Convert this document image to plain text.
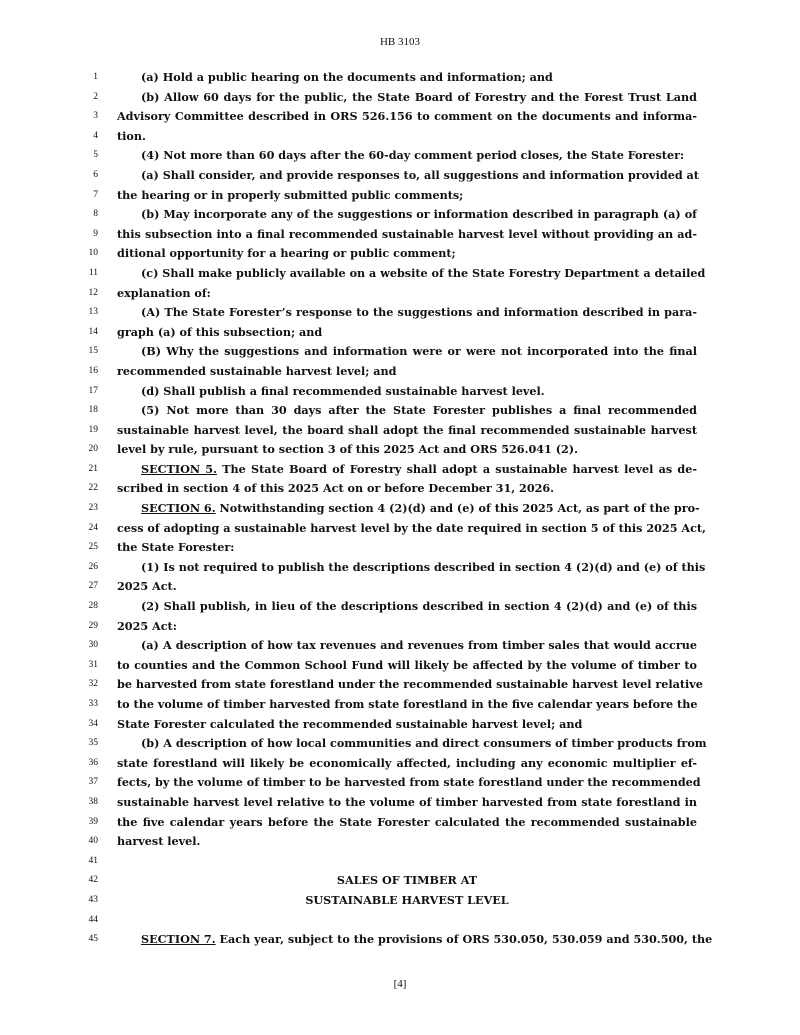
HB 3103
1	(a) Hold a public hearing on the documents and information; and
2	(b) Allow 60 days for the public, the State Board of Forestry and the Forest Trust Land
3 Advisory Committee described in ORS 526.156 to comment on the documents and informa-
4 tion.
5	(4) Not more than 60 days after the 60-day comment period closes, the State Forester:
6	(a) Shall consider, and provide responses to, all suggestions and information provided at
7 the hearing or in properly submitted public comments;
8	(b) May incorporate any of the suggestions or information described in paragraph (a) of
9 this subsection into a final recommended sustainable harvest level without providing an ad-
10 ditional opportunity for a hearing or public comment;
11	(c) Shall make publicly available on a website of the State Forestry Department a detailed
12 explanation of:
13	(A) The State Forester’s response to the suggestions and information described in para-
14 graph (a) of this subsection; and
15	(B) Why the suggestions and information were or were not incorporated into the final
16 recommended sustainable harvest level; and
17	(d) Shall publish a final recommended sustainable harvest level.
18	(5) Not more than 30 days after the State Forester publishes a final recommended
19 sustainable harvest level, the board shall adopt the final recommended sustainable harvest
20 level by rule, pursuant to section 3 of this 2025 Act and ORS 526.041 (2).
21	SECTION 5. The State Board of Forestry shall adopt a sustainable harvest level as de-
22 scribed in section 4 of this 2025 Act on or before December 31, 2026.
23	SECTION 6. Notwithstanding section 4 (2)(d) and (e) of this 2025 Act, as part of the pro-
24 cess of adopting a sustainable harvest level by the date required in section 5 of this 2025 Act,
25 the State Forester:
26	(1) Is not required to publish the descriptions described in section 4 (2)(d) and (e) of this
27 2025 Act.
28	(2) Shall publish, in lieu of the descriptions described in section 4 (2)(d) and (e) of this
29 2025 Act:
30	(a) A description of how tax revenues and revenues from timber sales that would accrue
31 to counties and the Common School Fund will likely be affected by the volume of timber to
32 be harvested from state forestland under the recommended sustainable harvest level relative
33 to the volume of timber harvested from state forestland in the five calendar years before the
34 State Forester calculated the recommended sustainable harvest level; and
35	(b) A description of how local communities and direct consumers of timber products from
36 state forestland will likely be economically affected, including any economic multiplier ef-
37 fects, by the volume of timber to be harvested from state forestland under the recommended
38 sustainable harvest level relative to the volume of timber harvested from state forestland in
39 the five calendar years before the State Forester calculated the recommended sustainable
40 harvest level.
41
42	SALES OF TIMBER AT
43	SUSTAINABLE HARVEST LEVEL
44
45	SECTION 7. Each year, subject to the provisions of ORS 530.050, 530.059 and 530.500, the
[4]
